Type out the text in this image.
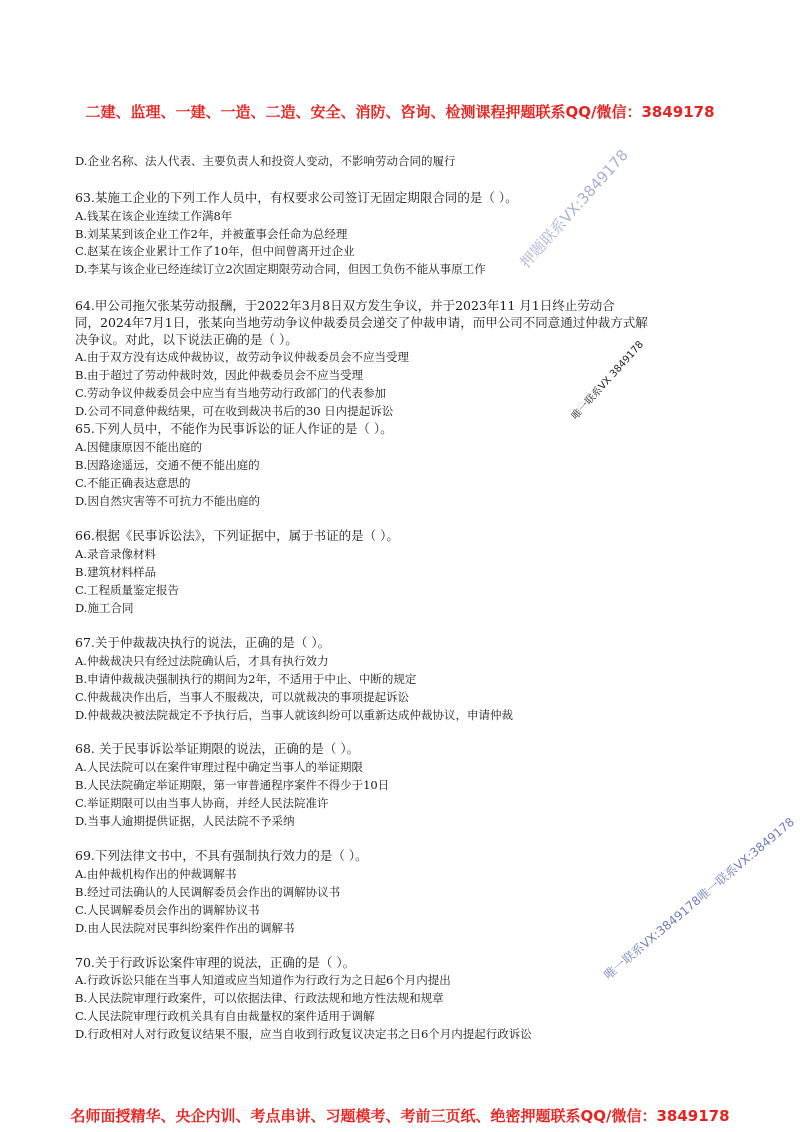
二建、监理、一建、一造、二造、安全、消防、咨询、检测课程押题联系QQ/微信：3849178
D.企业名称、法人代表、主要负责人和投资人变动，不影响劳动合同的履行
63.某施工企业的下列工作人员中，有权要求公司签订无固定期限合同的是（ ）。
A.钱某在该企业连续工作满8年
B.刘某某到该企业工作2年，并被董事会任命为总经理
C.赵某在该企业累计工作了10年，但中间曾离开过企业
D.李某与该企业已经连续订立2次固定期限劳动合同，但因工负伤不能从事原工作
64.甲公司拖欠张某劳动报酬，于2022年3月8日双方发生争议，并于2023年11 月1日终止劳动合
同，2024年7月1日，张某向当地劳动争议仲裁委员会递交了仲裁申请，而甲公司不同意通过仲裁方式解
决争议。对此，以下说法正确的是（ ）。
A.由于双方没有达成仲裁协议，故劳动争议仲裁委员会不应当受理
B.由于超过了劳动仲裁时效，因此仲裁委员会不应当受理
C.劳动争议仲裁委员会中应当有当地劳动行政部门的代表参加
D.公司不同意仲裁结果，可在收到裁决书后的30 日内提起诉讼
65.下列人员中，不能作为民事诉讼的证人作证的是（ ）。
A.因健康原因不能出庭的
B.因路途遥远，交通不便不能出庭的
C.不能正确表达意思的
D.因自然灾害等不可抗力不能出庭的
66.根据《民事诉讼法》，下列证据中，属于书证的是（ ）。
A.录音录像材料
B.建筑材料样品
C.工程质量鉴定报告
D.施工合同
67.关于仲裁裁决执行的说法，正确的是（ ）。
A.仲裁裁决只有经过法院确认后，才具有执行效力
B.申请仲裁裁决强制执行的期间为2年，不适用于中止、中断的规定
C.仲裁裁决作出后，当事人不服裁决，可以就裁决的事项提起诉讼
D.仲裁裁决被法院裁定不予执行后，当事人就该纠纷可以重新达成仲裁协议，申请仲裁
68. 关于民事诉讼举证期限的说法，正确的是（ ）。
A.人民法院可以在案件审理过程中确定当事人的举证期限
B.人民法院确定举证期限，第一审普通程序案件不得少于10日
C.举证期限可以由当事人协商，并经人民法院准许
D.当事人逾期提供证据，人民法院不予采纳
69.下列法律文书中，不具有强制执行效力的是（ ）。
A.由仲裁机构作出的仲裁调解书
B.经过司法确认的人民调解委员会作出的调解协议书
C.人民调解委员会作出的调解协议书
D.由人民法院对民事纠纷案件作出的调解书
70.关于行政诉讼案件审理的说法，正确的是（ ）。
A.行政诉讼只能在当事人知道或应当知道作为行政行为之日起6个月内提出
B.人民法院审理行政案件，可以依据法律、行政法规和地方性法规和规章
C.人民法院审理行政机关具有自由裁量权的案件适用于调解
D.行政相对人对行政复议结果不服，应当自收到行政复议决定书之日6个月内提起行政诉讼
押题联系VX:3849178
唯一联系VX 3849178
唯一联系VX:3849178唯一联系VX:3849178
名师面授精华、央企内训、考点串讲、习题模考、考前三页纸、绝密押题联系QQ/微信：3849178
